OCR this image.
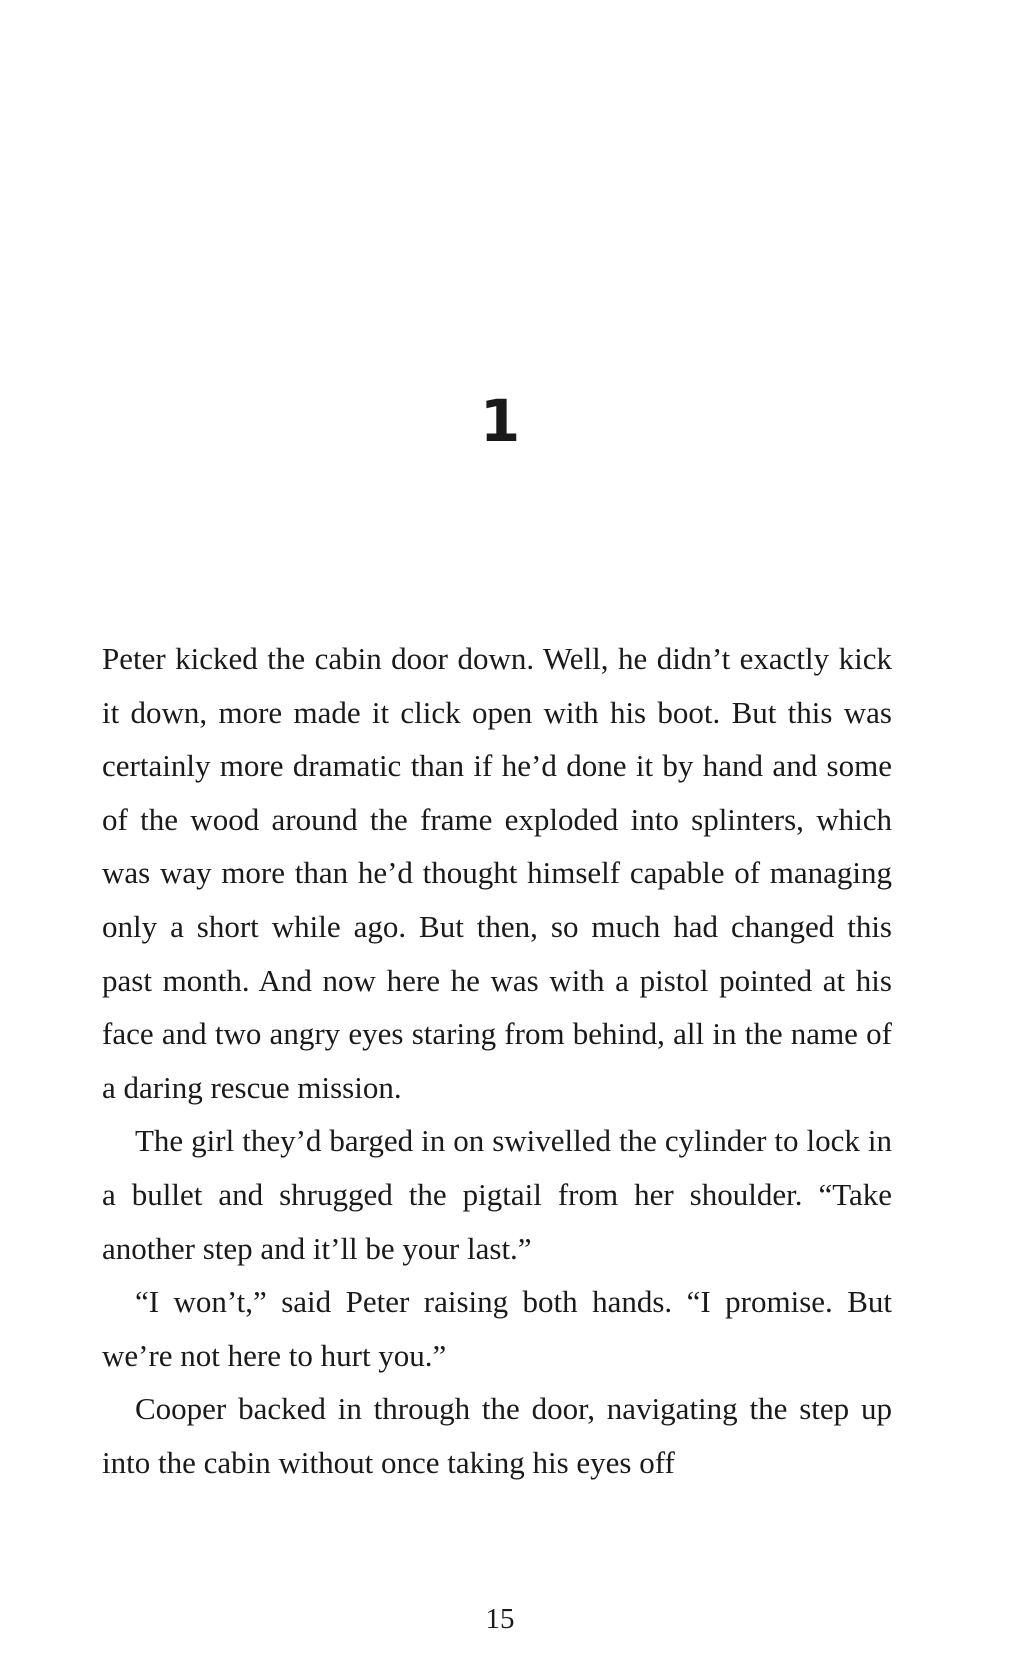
1

Peter kicked the cabin door down. Well, he didn’t exactly kick it down, more made it click open with his boot. But this was certainly more dramatic than if he’d done it by hand and some of the wood around the frame exploded into splinters, which was way more than he’d thought himself capable of managing only a short while ago. But then, so much had changed this past month. And now here he was with a pistol pointed at his face and two angry eyes staring from behind, all in the name of a daring rescue mission.

The girl they’d barged in on swivelled the cylinder to lock in a bullet and shrugged the pigtail from her shoulder. “Take another step and it’ll be your last.”

“I won’t,” said Peter raising both hands. “I promise. But we’re not here to hurt you.”

Cooper backed in through the door, navigating the step up into the cabin without once taking his eyes off

15
